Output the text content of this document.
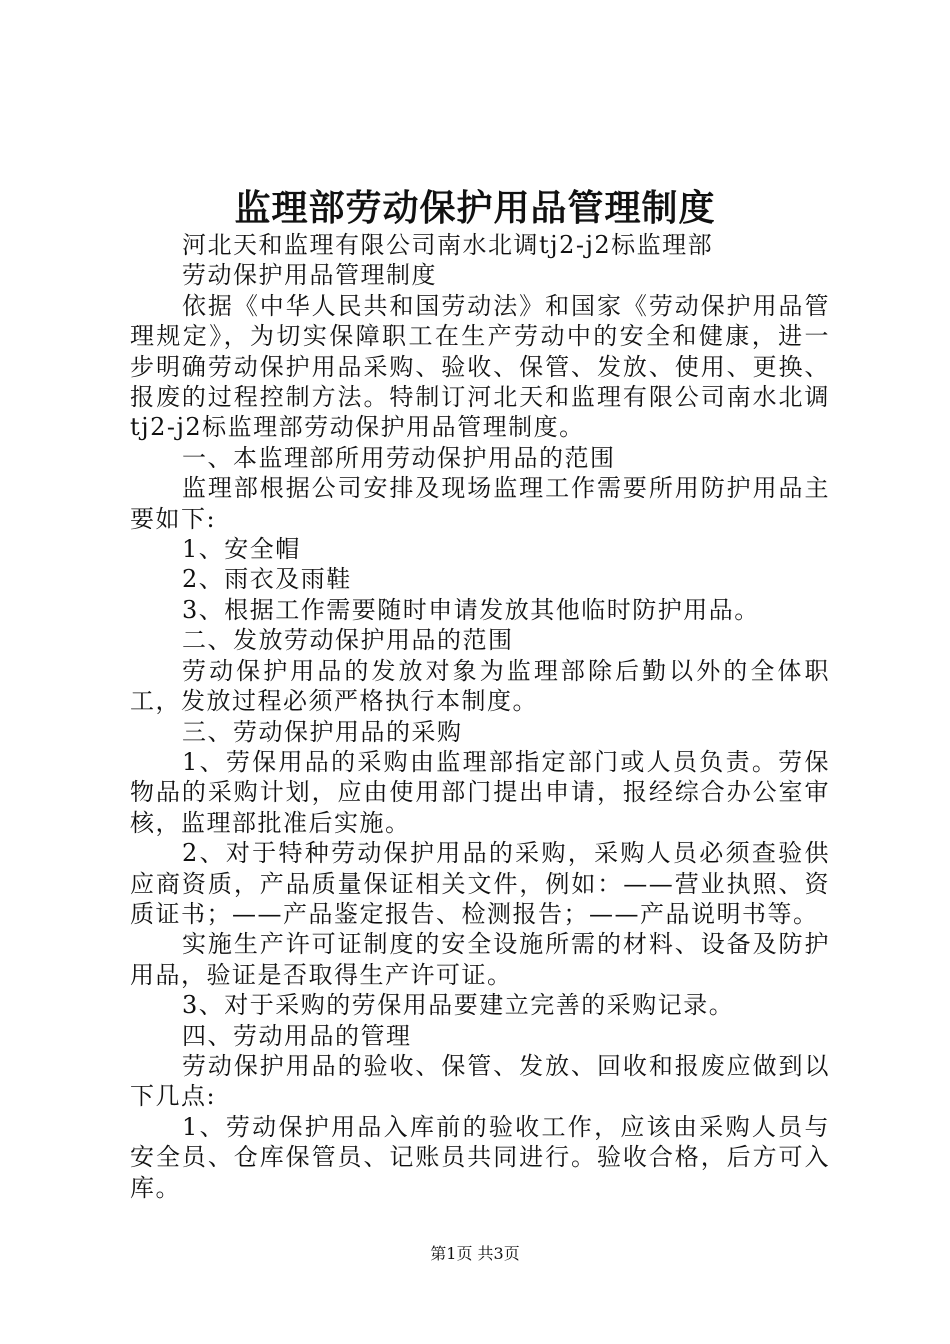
监理部劳动保护用品管理制度

河北天和监理有限公司南水北调tj2-j2标监理部

劳动保护用品管理制度

依据《中华人民共和国劳动法》和国家《劳动保护用品管理规定》，为切实保障职工在生产劳动中的安全和健康，进一步明确劳动保护用品采购、验收、保管、发放、使用、更换、报废的过程控制方法。特制订河北天和监理有限公司南水北调tj2-j2标监理部劳动保护用品管理制度。

一、本监理部所用劳动保护用品的范围

监理部根据公司安排及现场监理工作需要所用防护用品主要如下:

1、安全帽

2、雨衣及雨鞋

3、根据工作需要随时申请发放其他临时防护用品。

二、发放劳动保护用品的范围

劳动保护用品的发放对象为监理部除后勤以外的全体职工，发放过程必须严格执行本制度。

三、劳动保护用品的采购

1、劳保用品的采购由监理部指定部门或人员负责。劳保物品的采购计划，应由使用部门提出申请，报经综合办公室审核，监理部批准后实施。

2、对于特种劳动保护用品的采购，采购人员必须查验供应商资质，产品质量保证相关文件，例如：——营业执照、资质证书；——产品鉴定报告、检测报告；——产品说明书等。

实施生产许可证制度的安全设施所需的材料、设备及防护用品，验证是否取得生产许可证。

3、对于采购的劳保用品要建立完善的采购记录。

四、劳动用品的管理

劳动保护用品的验收、保管、发放、回收和报废应做到以下几点:

1、劳动保护用品入库前的验收工作，应该由采购人员与安全员、仓库保管员、记账员共同进行。验收合格，后方可入库。

第1页 共3页
